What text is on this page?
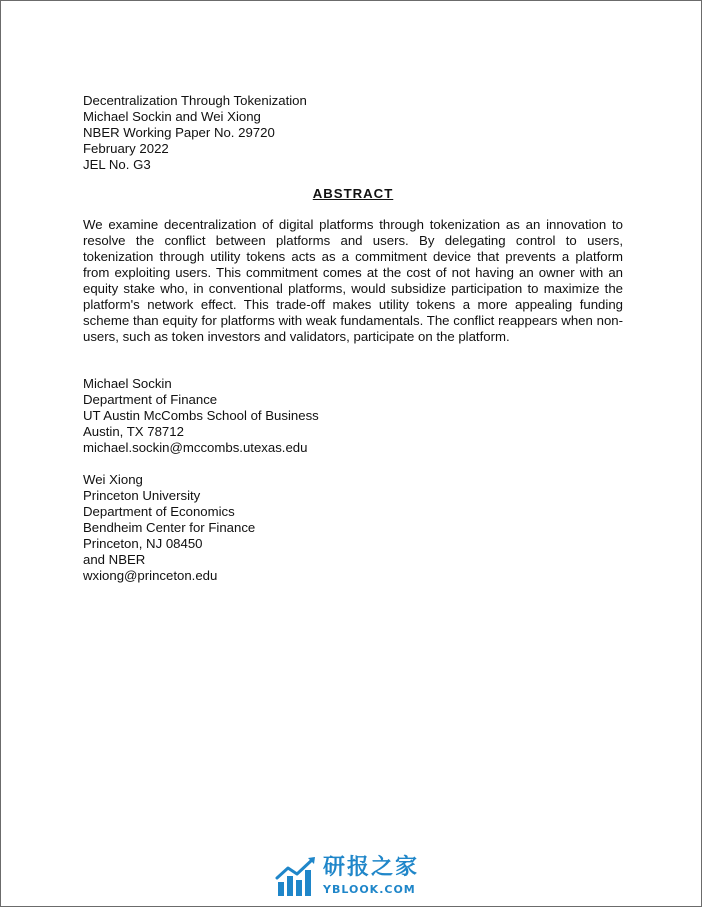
Decentralization Through Tokenization
Michael Sockin and Wei Xiong
NBER Working Paper No. 29720
February 2022
JEL No. G3
ABSTRACT

We examine decentralization of digital platforms through tokenization as an innovation to resolve the conflict between platforms and users. By delegating control to users, tokenization through utility tokens acts as a commitment device that prevents a platform from exploiting users. This commitment comes at the cost of not having an owner with an equity stake who, in conventional platforms, would subsidize participation to maximize the platform's network effect. This trade-off makes utility tokens a more appealing funding scheme than equity for platforms with weak fundamentals. The conflict reappears when non-users, such as token investors and validators, participate on the platform.

Michael Sockin
Department of Finance
UT Austin McCombs School of Business
Austin, TX 78712
michael.sockin@mccombs.utexas.edu
Wei Xiong
Princeton University
Department of Economics
Bendheim Center for Finance
Princeton, NJ 08450
and NBER
wxiong@princeton.edu
研报之家
YBLOOK.COM
